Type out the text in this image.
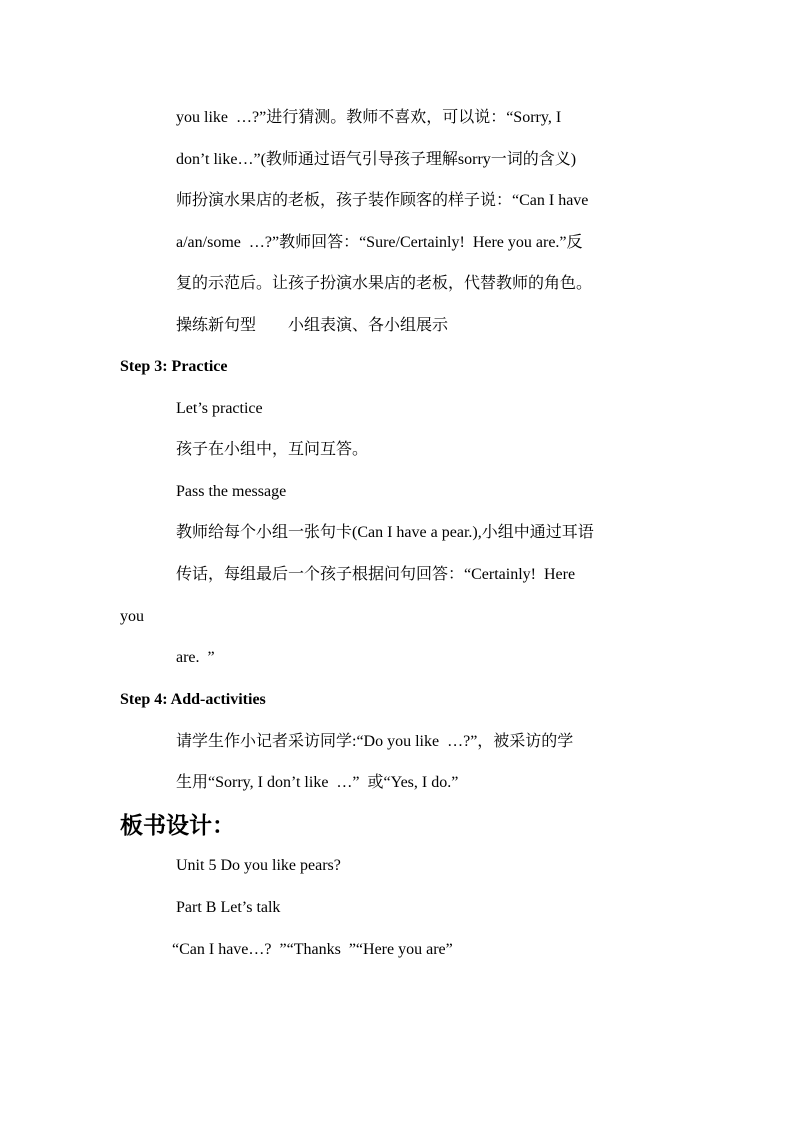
you like  …?”进行猜测。教师不喜欢，可以说：“Sorry, I
don’t like…”(教师通过语气引导孩子理解sorry一词的含义)
师扮演水果店的老板，孩子装作顾客的样子说：“Can I have
a/an/some  …?”教师回答：“Sure/Certainly!  Here you are.”反
复的示范后。让孩子扮演水果店的老板，代替教师的角色。
操练新句型        小组表演、各小组展示
Step 3: Practice
Let’s practice
孩子在小组中，互问互答。
Pass the message
教师给每个小组一张句卡(Can I have a pear.),小组中通过耳语
传话，每组最后一个孩子根据问句回答：“Certainly!  Here
you
are.  ”
Step 4: Add-activities
请学生作小记者采访同学:“Do you like  …?”，被采访的学
生用“Sorry, I don’t like  …”  或“Yes, I do.”
板书设计：
Unit 5 Do you like pears?
Part B Let’s talk
“Can I have…?  ”“Thanks  ”“Here you are”
